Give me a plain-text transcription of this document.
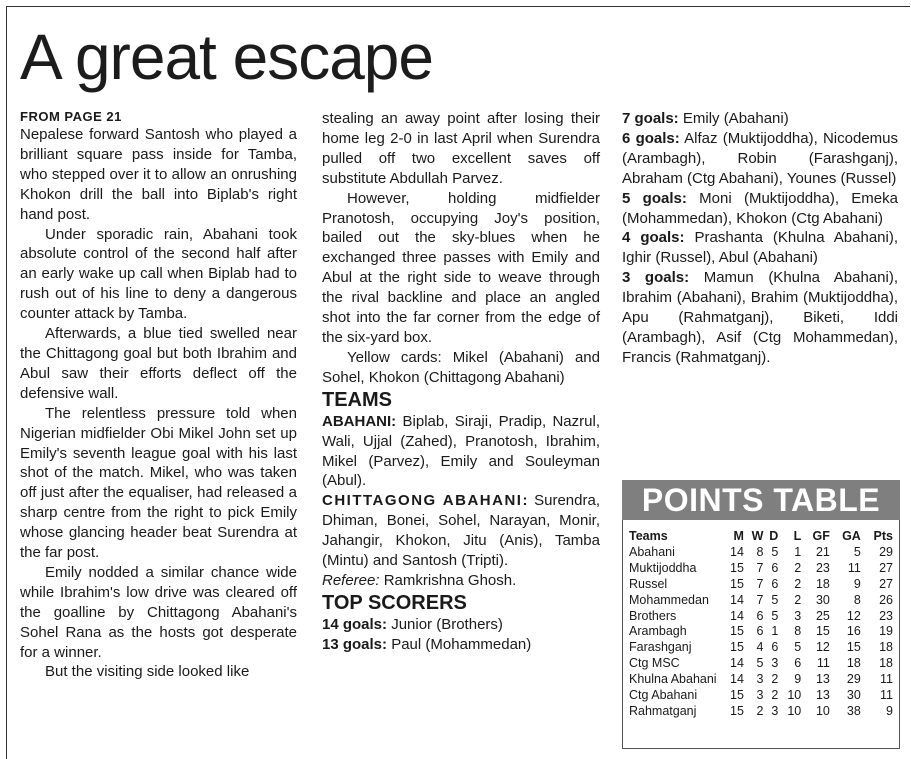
A great escape
FROM PAGE 21

Nepalese forward Santosh who played a brilliant square pass inside for Tamba, who stepped over it to allow an onrushing Khokon drill the ball into Biplab's right hand post.

Under sporadic rain, Abahani took absolute control of the second half after an early wake up call when Biplab had to rush out of his line to deny a dangerous counter attack by Tamba.

Afterwards, a blue tied swelled near the Chittagong goal but both Ibrahim and Abul saw their efforts deflect off the defensive wall.

The relentless pressure told when Nigerian midfielder Obi Mikel John set up Emily's seventh league goal with his last shot of the match. Mikel, who was taken off just after the equaliser, had released a sharp centre from the right to pick Emily whose glancing header beat Surendra at the far post.

Emily nodded a similar chance wide while Ibrahim's low drive was cleared off the goalline by Chittagong Abahani's Sohel Rana as the hosts got desperate for a winner.

But the visiting side looked like

stealing an away point after losing their home leg 2-0 in last April when Surendra pulled off two excellent saves off substitute Abdullah Parvez.

However, holding midfielder Pranotosh, occupying Joy's position, bailed out the sky-blues when he exchanged three passes with Emily and Abul at the right side to weave through the rival backline and place an angled shot into the far corner from the edge of the six-yard box.

Yellow cards: Mikel (Abahani) and Sohel, Khokon (Chittagong Abahani)

TEAMS

ABAHANI: Biplab, Siraji, Pradip, Nazrul, Wali, Ujjal (Zahed), Pranotosh, Ibrahim, Mikel (Parvez), Emily and Souleyman (Abul).

CHITTAGONG ABAHANI: Surendra, Dhiman, Bonei, Sohel, Narayan, Monir, Jahangir, Khokon, Jitu (Anis), Tamba (Mintu) and Santosh (Tripti).

Referee: Ramkrishna Ghosh.

TOP SCORERS

14 goals: Junior (Brothers)

13 goals: Paul (Mohammedan)

7 goals: Emily (Abahani)

6 goals: Alfaz (Muktijoddha), Nicodemus (Arambagh), Robin (Farashganj), Abraham (Ctg Abahani), Younes (Russel)

5 goals: Moni (Muktijoddha), Emeka (Mohammedan), Khokon (Ctg Abahani)

4 goals: Prashanta (Khulna Abahani), Ighir (Russel), Abul (Abahani)

3 goals: Mamun (Khulna Abahani), Ibrahim (Abahani), Brahim (Muktijoddha), Apu (Rahmatganj), Biketi, Iddi (Arambagh), Asif (Ctg Mohammedan), Francis (Rahmatganj).

POINTS TABLE
Teams	M	W	D	L	GF	GA	Pts
Abahani	14	8	5	1	21	5	29
Muktijoddha	15	7	6	2	23	11	27
Russel	15	7	6	2	18	9	27
Mohammedan	14	7	5	2	30	8	26
Brothers	14	6	5	3	25	12	23
Arambagh	15	6	1	8	15	16	19
Farashganj	15	4	6	5	12	15	18
Ctg MSC	14	5	3	6	11	18	18
Khulna Abahani	14	3	2	9	13	29	11
Ctg Abahani	15	3	2	10	13	30	11
Rahmatganj	15	2	3	10	10	38	9
